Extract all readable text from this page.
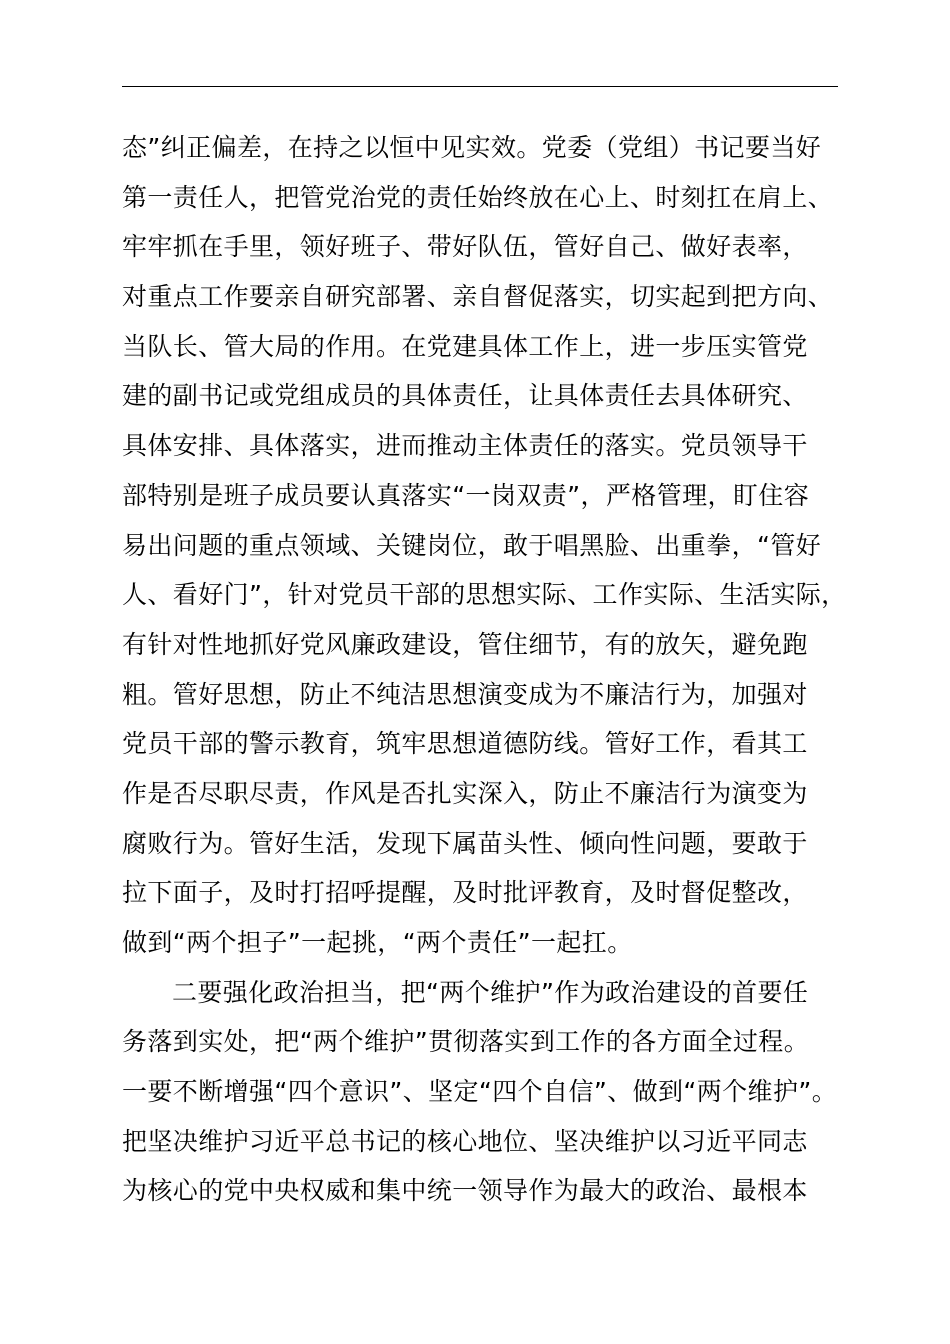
态”纠正偏差，在持之以恒中见实效。党委（党组）书记要当好
第一责任人，把管党治党的责任始终放在心上、时刻扛在肩上、
牢牢抓在手里，领好班子、带好队伍，管好自己、做好表率，
对重点工作要亲自研究部署、亲自督促落实，切实起到把方向、
当队长、管大局的作用。在党建具体工作上，进一步压实管党
建的副书记或党组成员的具体责任，让具体责任去具体研究、
具体安排、具体落实，进而推动主体责任的落实。党员领导干
部特别是班子成员要认真落实“一岗双责”，严格管理，盯住容
易出问题的重点领域、关键岗位，敢于唱黑脸、出重拳，“管好
人、看好门”，针对党员干部的思想实际、工作实际、生活实际，
有针对性地抓好党风廉政建设，管住细节，有的放矢，避免跑
粗。管好思想，防止不纯洁思想演变成为不廉洁行为，加强对
党员干部的警示教育，筑牢思想道德防线。管好工作，看其工
作是否尽职尽责，作风是否扎实深入，防止不廉洁行为演变为
腐败行为。管好生活，发现下属苗头性、倾向性问题，要敢于
拉下面子，及时打招呼提醒，及时批评教育，及时督促整改，
做到“两个担子”一起挑，“两个责任”一起扛。
二要强化政治担当，把“两个维护”作为政治建设的首要任
务落到实处，把“两个维护”贯彻落实到工作的各方面全过程。
一要不断增强“四个意识”、坚定“四个自信”、做到“两个维护”。
把坚决维护习近平总书记的核心地位、坚决维护以习近平同志
为核心的党中央权威和集中统一领导作为最大的政治、最根本
